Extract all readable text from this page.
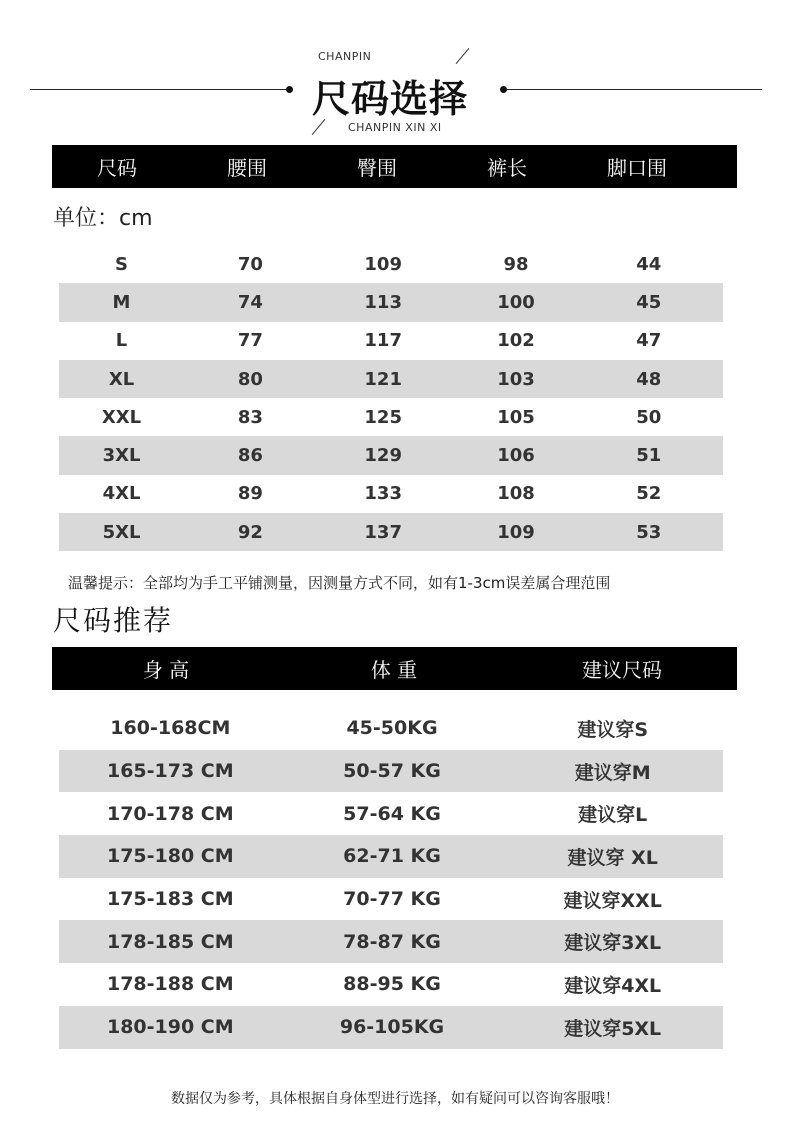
CHANPIN
尺码选择
CHANPIN XIN XI
尺码	腰围	臀围	裤长	脚口围
单位：cm
S	70	109	98	44
M	74	113	100	45
L	77	117	102	47
XL	80	121	103	48
XXL	83	125	105	50
3XL	86	129	106	51
4XL	89	133	108	52
5XL	92	137	109	53
温馨提示：全部均为手工平铺测量，因测量方式不同，如有1-3cm误差属合理范围
尺码推荐
身 高	体 重	建议尺码
160-168CM	45-50KG	建议穿S
165-173 CM	50-57 KG	建议穿M
170-178 CM	57-64 KG	建议穿L
175-180 CM	62-71 KG	建议穿 XL
175-183 CM	70-77 KG	建议穿XXL
178-185 CM	78-87 KG	建议穿3XL
178-188 CM	88-95 KG	建议穿4XL
180-190 CM	96-105KG	建议穿5XL
数据仅为参考，具体根据自身体型进行选择，如有疑问可以咨询客服哦！
